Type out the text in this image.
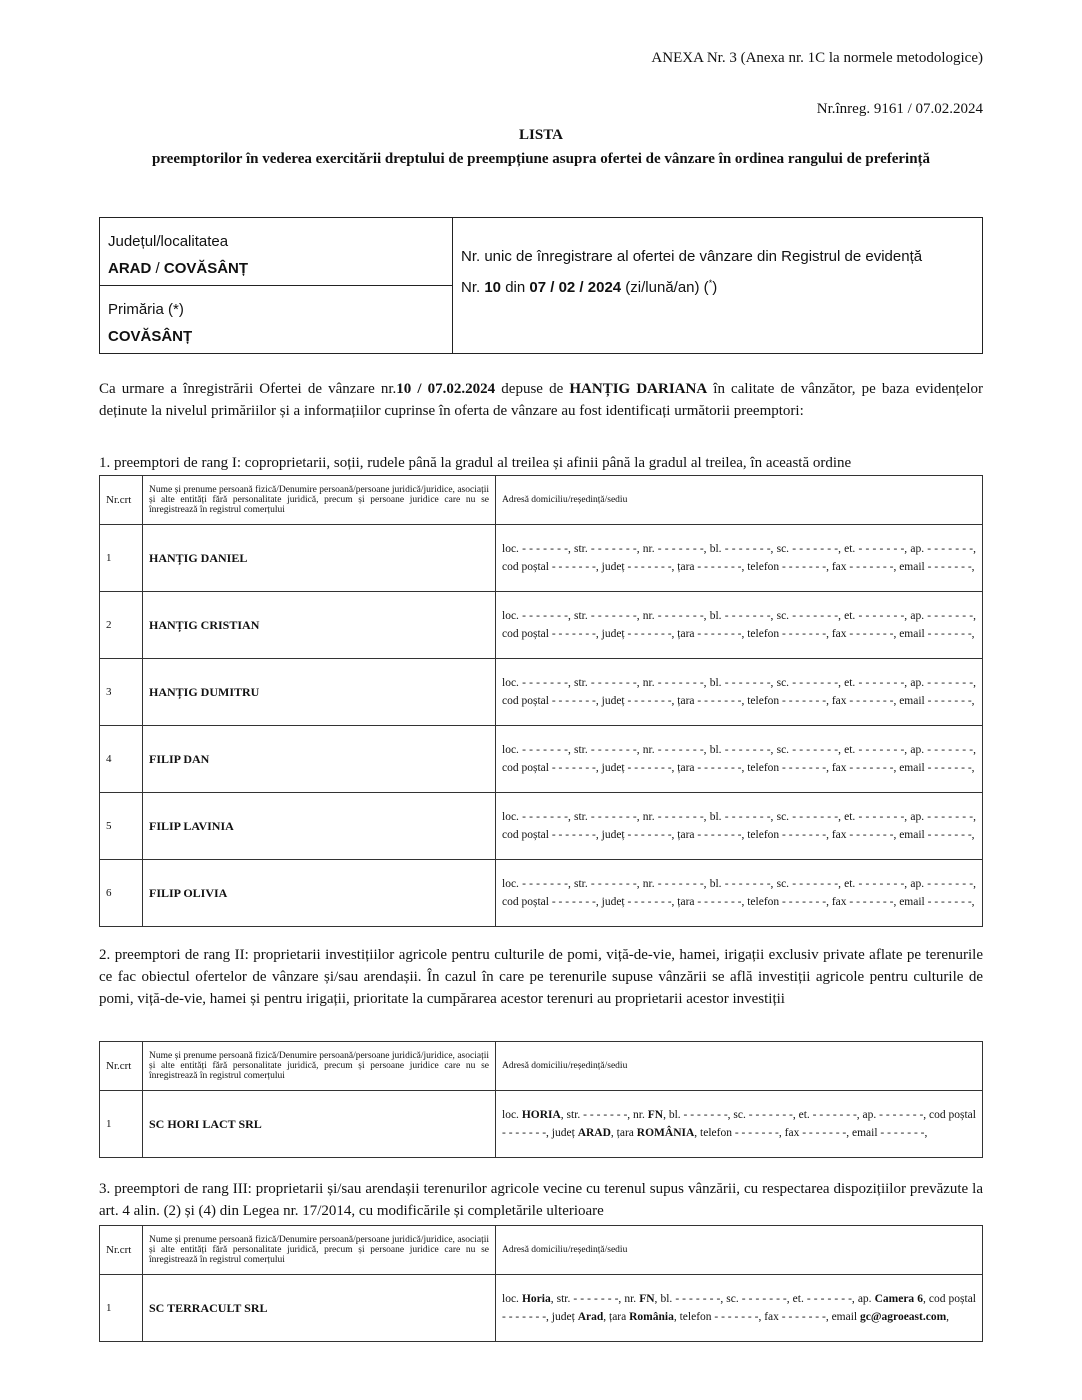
ANEXA Nr. 3 (Anexa nr. 1C la normele metodologice)
Nr.înreg. 9161 / 07.02.2024
LISTA
preemptorilor în vederea exercitării dreptului de preempțiune asupra ofertei de vânzare în ordinea rangului de preferință
Județul/localitatea
ARAD / COVĂSÂNȚ
Primăria (*)
COVĂSÂNȚ
Nr. unic de înregistrare al ofertei de vânzare din Registrul de evidență
Nr. 10 din 07 / 02 / 2024 (zi/lună/an) (*)
Ca urmare a înregistrării Ofertei de vânzare nr.10 / 07.02.2024 depuse de HANȚIG DARIANA în calitate de vânzător, pe baza evidențelor deținute la nivelul primăriilor și a informațiilor cuprinse în oferta de vânzare au fost identificați următorii preemptori:
1. preemptori de rang I: coproprietarii, soții, rudele până la gradul al treilea și afinii până la gradul al treilea, în această ordine
Nr.crt	Nume și prenume persoană fizică/Denumire persoană/persoane juridică/juridice, asociații și alte entități fără personalitate juridică, precum și persoane juridice care nu se înregistrează în registrul comerțului	Adresă domiciliu/reședință/sediu
1	HANȚIG DANIEL	loc. - - - - - - -, str. - - - - - - -, nr. - - - - - - -, bl. - - - - - - -, sc. - - - - - - -, et. - - - - - - -, ap. - - - - - - -, cod poștal - - - - - - -, județ - - - - - - -, țara - - - - - - -, telefon - - - - - - -, fax - - - - - - -, email - - - - - - -,
2	HANȚIG CRISTIAN	loc. - - - - - - -, str. - - - - - - -, nr. - - - - - - -, bl. - - - - - - -, sc. - - - - - - -, et. - - - - - - -, ap. - - - - - - -, cod poștal - - - - - - -, județ - - - - - - -, țara - - - - - - -, telefon - - - - - - -, fax - - - - - - -, email - - - - - - -,
3	HANȚIG DUMITRU	loc. - - - - - - -, str. - - - - - - -, nr. - - - - - - -, bl. - - - - - - -, sc. - - - - - - -, et. - - - - - - -, ap. - - - - - - -, cod poștal - - - - - - -, județ - - - - - - -, țara - - - - - - -, telefon - - - - - - -, fax - - - - - - -, email - - - - - - -,
4	FILIP DAN	loc. - - - - - - -, str. - - - - - - -, nr. - - - - - - -, bl. - - - - - - -, sc. - - - - - - -, et. - - - - - - -, ap. - - - - - - -, cod poștal - - - - - - -, județ - - - - - - -, țara - - - - - - -, telefon - - - - - - -, fax - - - - - - -, email - - - - - - -,
5	FILIP LAVINIA	loc. - - - - - - -, str. - - - - - - -, nr. - - - - - - -, bl. - - - - - - -, sc. - - - - - - -, et. - - - - - - -, ap. - - - - - - -, cod poștal - - - - - - -, județ - - - - - - -, țara - - - - - - -, telefon - - - - - - -, fax - - - - - - -, email - - - - - - -,
6	FILIP OLIVIA	loc. - - - - - - -, str. - - - - - - -, nr. - - - - - - -, bl. - - - - - - -, sc. - - - - - - -, et. - - - - - - -, ap. - - - - - - -, cod poștal - - - - - - -, județ - - - - - - -, țara - - - - - - -, telefon - - - - - - -, fax - - - - - - -, email - - - - - - -,
2. preemptori de rang II: proprietarii investițiilor agricole pentru culturile de pomi, viță-de-vie, hamei, irigații exclusiv private aflate pe terenurile ce fac obiectul ofertelor de vânzare și/sau arendașii. În cazul în care pe terenurile supuse vânzării se află investiții agricole pentru culturile de pomi, viță-de-vie, hamei și pentru irigații, prioritate la cumpărarea acestor terenuri au proprietarii acestor investiții
Nr.crt	Nume și prenume persoană fizică/Denumire persoană/persoane juridică/juridice, asociații și alte entități fără personalitate juridică, precum și persoane juridice care nu se înregistrează în registrul comerțului	Adresă domiciliu/reședință/sediu
1	SC HORI LACT SRL	loc. HORIA, str. - - - - - - -, nr. FN, bl. - - - - - - -, sc. - - - - - - -, et. - - - - - - -, ap. - - - - - - -, cod poștal - - - - - - -, județ ARAD, țara ROMÂNIA, telefon - - - - - - -, fax - - - - - - -, email - - - - - - -,
3. preemptori de rang III: proprietarii și/sau arendașii terenurilor agricole vecine cu terenul supus vânzării, cu respectarea dispozițiilor prevăzute la art. 4 alin. (2) și (4) din Legea nr. 17/2014, cu modificările și completările ulterioare
Nr.crt	Nume și prenume persoană fizică/Denumire persoană/persoane juridică/juridice, asociații și alte entități fără personalitate juridică, precum și persoane juridice care nu se înregistrează în registrul comerțului	Adresă domiciliu/reședință/sediu
1	SC TERRACULT SRL	loc. Horia, str. - - - - - - -, nr. FN, bl. - - - - - - -, sc. - - - - - - -, et. - - - - - - -, ap. Camera 6, cod poștal - - - - - - -, județ Arad, țara România, telefon - - - - - - -, fax - - - - - - -, email gc@agroeast.com,
